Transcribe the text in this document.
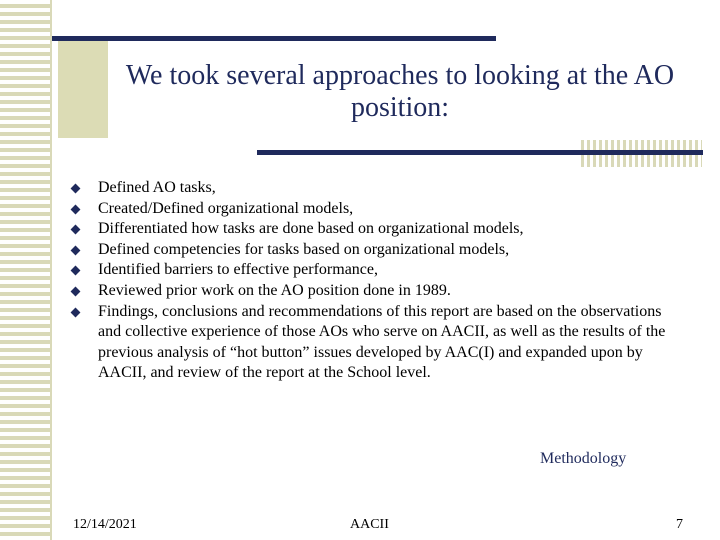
We took several approaches to looking at the AO position:
Defined AO tasks,
Created/Defined organizational models,
Differentiated how tasks are done based on organizational models,
Defined competencies for tasks based on organizational models,
Identified barriers to effective performance,
Reviewed prior work on the AO position done in 1989.
Findings, conclusions and recommendations of this report are based on the observations and collective experience of those AOs who serve on AACII, as well as the results of the previous analysis of “hot button” issues developed by AAC(I) and expanded upon by AACII, and review of the report at the School level.
Methodology
12/14/2021	AACII	7
